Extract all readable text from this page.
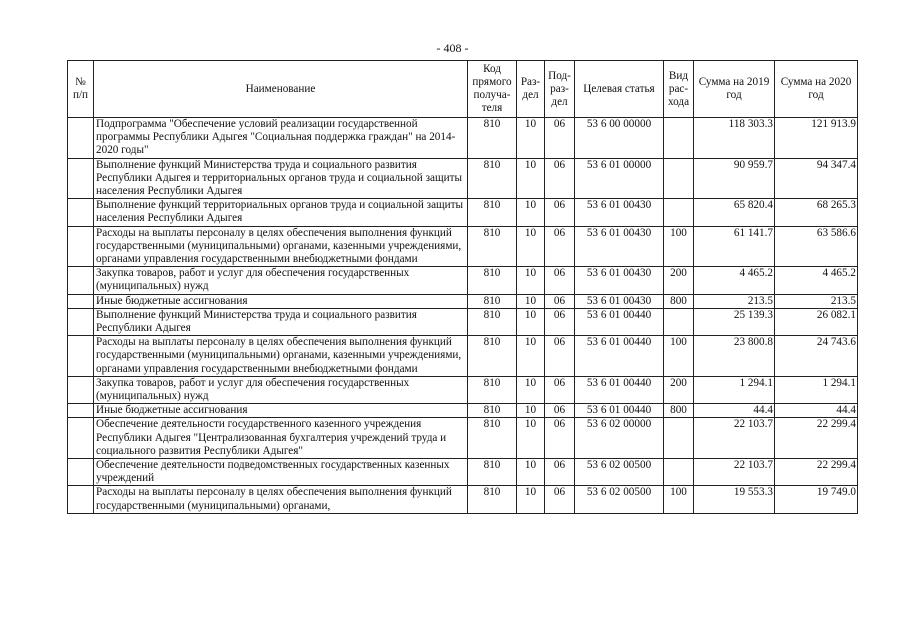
- 408 -
№ п/п	Наименование	Код прямого получа-теля	Раз-дел	Под-раз-дел	Целевая статья	Вид рас-хода	Сумма на 2019 год	Сумма на 2020 год
	Подпрограмма "Обеспечение условий реализации государственной программы Республики Адыгея "Социальная поддержка граждан" на 2014-2020 годы"	810	10	06	53 6 00 00000		118 303.3	121 913.9
	Выполнение функций Министерства труда и социального развития Республики Адыгея и территориальных органов труда и социальной защиты населения Республики Адыгея	810	10	06	53 6 01 00000		90 959.7	94 347.4
	Выполнение функций территориальных органов труда и социальной защиты населения Республики Адыгея	810	10	06	53 6 01 00430		65 820.4	68 265.3
	Расходы на выплаты персоналу в целях обеспечения выполнения функций государственными (муниципальными) органами, казенными учреждениями, органами управления государственными внебюджетными фондами	810	10	06	53 6 01 00430	100	61 141.7	63 586.6
	Закупка товаров, работ и услуг для обеспечения государственных (муниципальных) нужд	810	10	06	53 6 01 00430	200	4 465.2	4 465.2
	Иные бюджетные ассигнования	810	10	06	53 6 01 00430	800	213.5	213.5
	Выполнение функций Министерства труда и социального развития Республики Адыгея	810	10	06	53 6 01 00440		25 139.3	26 082.1
	Расходы на выплаты персоналу в целях обеспечения выполнения функций государственными (муниципальными) органами, казенными учреждениями, органами управления государственными внебюджетными фондами	810	10	06	53 6 01 00440	100	23 800.8	24 743.6
	Закупка товаров, работ и услуг для обеспечения государственных (муниципальных) нужд	810	10	06	53 6 01 00440	200	1 294.1	1 294.1
	Иные бюджетные ассигнования	810	10	06	53 6 01 00440	800	44.4	44.4
	Обеспечение деятельности государственного казенного учреждения Республики Адыгея "Централизованная бухгалтерия учреждений труда и социального развития Республики Адыгея"	810	10	06	53 6 02 00000		22 103.7	22 299.4
	Обеспечение деятельности подведомственных государственных казенных учреждений	810	10	06	53 6 02 00500		22 103.7	22 299.4
	Расходы на выплаты персоналу в целях обеспечения выполнения функций государственными (муниципальными) органами,	810	10	06	53 6 02 00500	100	19 553.3	19 749.0
